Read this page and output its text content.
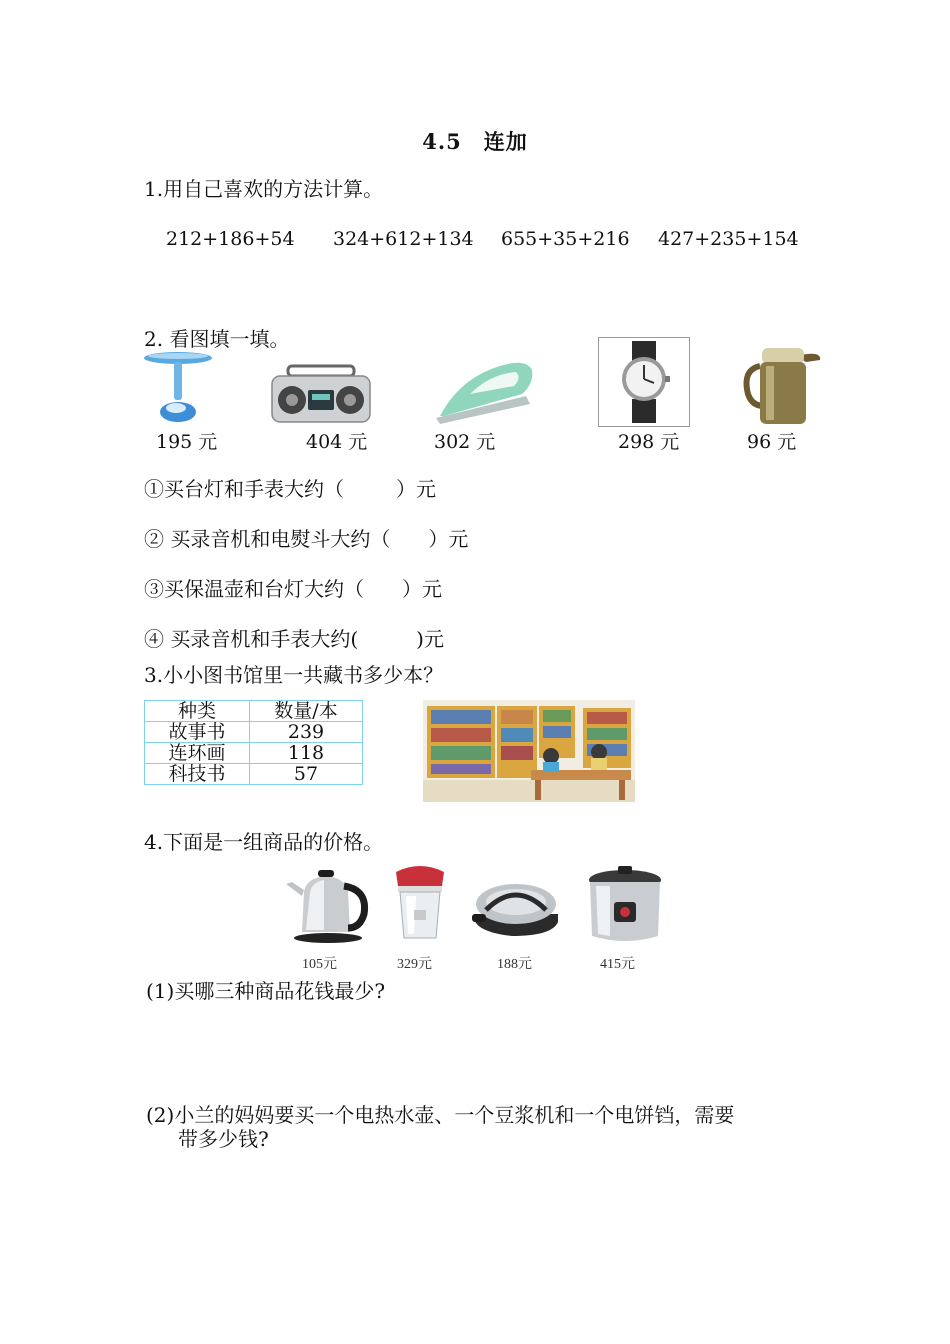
4.5 连加
1.用自己喜欢的方法计算。
212+186+54 324+612+134 655+35+216 427+235+154
2. 看图填一填。
195 元	404 元	302 元	298 元	96 元
①买台灯和手表大约（	）元
② 买录音机和电熨斗大约（ ）元
③买保温壶和台灯大约（ ）元
④ 买录音机和手表大约(	)元
3.小小图书馆里一共藏书多少本？
种类	数量/本
故事书	239
连环画	118
科技书	57
4.下面是一组商品的价格。
105元	329元	188元	415元
(1)买哪三种商品花钱最少?
(2)小兰的妈妈要买一个电热水壶、一个豆浆机和一个电饼铛，需要
带多少钱?
